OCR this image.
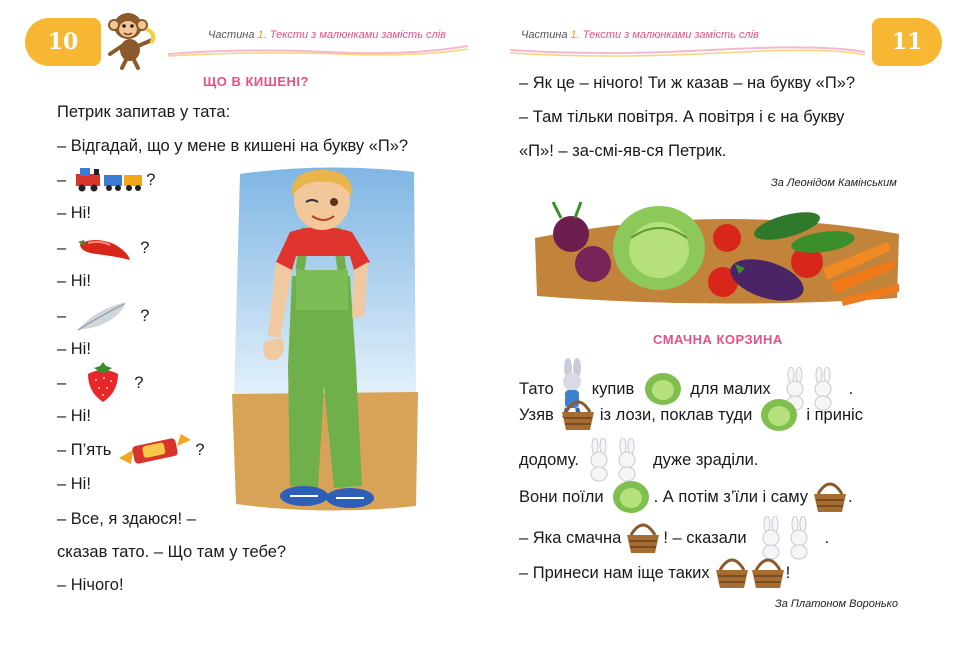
10	Частина 1. Тексти з малюнками замість слів
ЩО В КИШЕНІ?
Петрик запитав у тата:
– Відгадай, що у мене в кишені на букву «П»?
–	?
– Ні!
–	?
– Ні!
–	?
– Ні!
–	?
– Ні!
– П’ять	?
– Ні!
– Все, я здаюся! –
сказав тато. – Що там у тебе?
– Нічого!
11
Частина 1. Тексти з малюнками замість слів
– Як це – нічого! Ти ж казав – на букву «П»?
– Там тільки повітря. А повітря і є на букву
«П»! – за-смі-яв-ся Петрик.
За Леонідом Камінським
СМАЧНА КОРЗИНА
Тато купив	для малих	.
Узяв	із лози, поклав туди	і приніс
додому.	дуже зраділи.
Вони поїли	. А потім з’їли і саму .
– Яка смачна	! – сказали	.
– Принеси нам іще таких	!
За Платоном Воронько
